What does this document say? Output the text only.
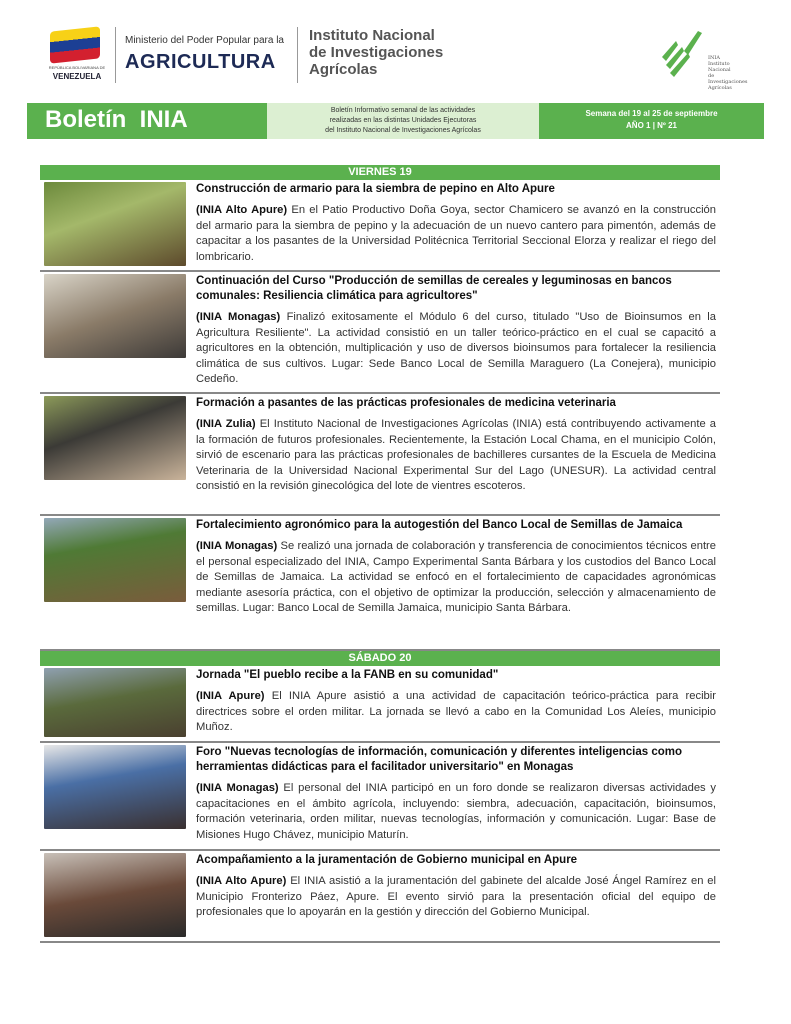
REPÚBLICA BOLIVARIANA DE
VENEZUELA
Ministerio del Poder Popular para la
AGRICULTURA
Instituto Nacional
de Investigaciones
Agrícolas
INIA
Instituto Nacional
de Investigaciones
Agrícolas
Boletín  INIA	Boletín Informativo semanal de las actividades
realizadas en las distintas Unidades Ejecutoras
del Instituto Nacional de Investigaciones Agrícolas
Semana del 19 al 25 de septiembre
AÑO 1 | Nº 21
VIERNES 19
Construcción de armario para la siembra de pepino en Alto Apure
(INIA Alto Apure) En el Patio Productivo Doña Goya, sector Chamicero se avanzó en la construcción del armario para la siembra de pepino y la adecuación de un nuevo cantero para pimentón, además de capacitar a los pasantes de la Universidad Politécnica Territorial Seccional Elorza y realizar el riego del lombricario.
Continuación del Curso "Producción de semillas de cereales y leguminosas en bancos comunales: Resiliencia climática para agricultores"
(INIA Monagas) Finalizó exitosamente el Módulo 6 del curso, titulado "Uso de Bioinsumos en la Agricultura Resiliente". La actividad consistió en un taller teórico-práctico en el cual se capacitó a agricultores en la obtención, multiplicación y uso de diversos bioinsumos para fortalecer la resiliencia climática de sus cultivos. Lugar: Sede Banco Local de Semilla Maraguero (La Conejera), municipio Cedeño.
Formación a pasantes de las prácticas profesionales de medicina veterinaria
(INIA Zulia) El Instituto Nacional de Investigaciones Agrícolas (INIA) está contribuyendo activamente a la formación de futuros profesionales. Recientemente, la Estación Local Chama, en el municipio Colón, sirvió de escenario para las prácticas profesionales de bachilleres cursantes de la Escuela de Medicina Veterinaria de la Universidad Nacional Experimental Sur del Lago (UNESUR). La actividad central consistió en la revisión ginecológica del lote de vientres escoteros.
Fortalecimiento agronómico para la autogestión del Banco Local de Semillas de Jamaica
(INIA Monagas) Se realizó una jornada de colaboración y transferencia de conocimientos técnicos entre el personal especializado del INIA, Campo Experimental Santa Bárbara y los custodios del Banco Local de Semillas de Jamaica. La actividad se enfocó en el fortalecimiento de capacidades agronómicas mediante asesoría práctica, con el objetivo de optimizar la producción, selección y almacenamiento de semillas. Lugar: Banco Local de Semilla Jamaica, municipio Santa Bárbara.
SÁBADO 20
Jornada "El pueblo recibe a la FANB en su comunidad"
(INIA Apure) El INIA Apure asistió a una actividad de capacitación teórico-práctica para recibir directrices sobre el orden militar. La jornada se llevó a cabo en la Comunidad Los Aleíes, municipio Muñoz.
Foro "Nuevas tecnologías de información, comunicación y diferentes inteligencias como herramientas didácticas para el facilitador universitario" en Monagas
(INIA Monagas) El personal del INIA participó en un foro donde se realizaron diversas actividades y capacitaciones en el ámbito agrícola, incluyendo: siembra, adecuación, capacitación, bioinsumos, formación veterinaria, orden militar, nuevas tecnologías, información y comunicación. Lugar: Base de Misiones Hugo Chávez, municipio Maturín.
Acompañamiento a la juramentación de Gobierno municipal en Apure
(INIA Alto Apure) El INIA asistió a la juramentación del gabinete del alcalde José Ángel Ramírez en el Municipio Fronterizo Páez, Apure. El evento sirvió para la presentación oficial del equipo de profesionales que lo apoyarán en la gestión y dirección del Gobierno Municipal.
